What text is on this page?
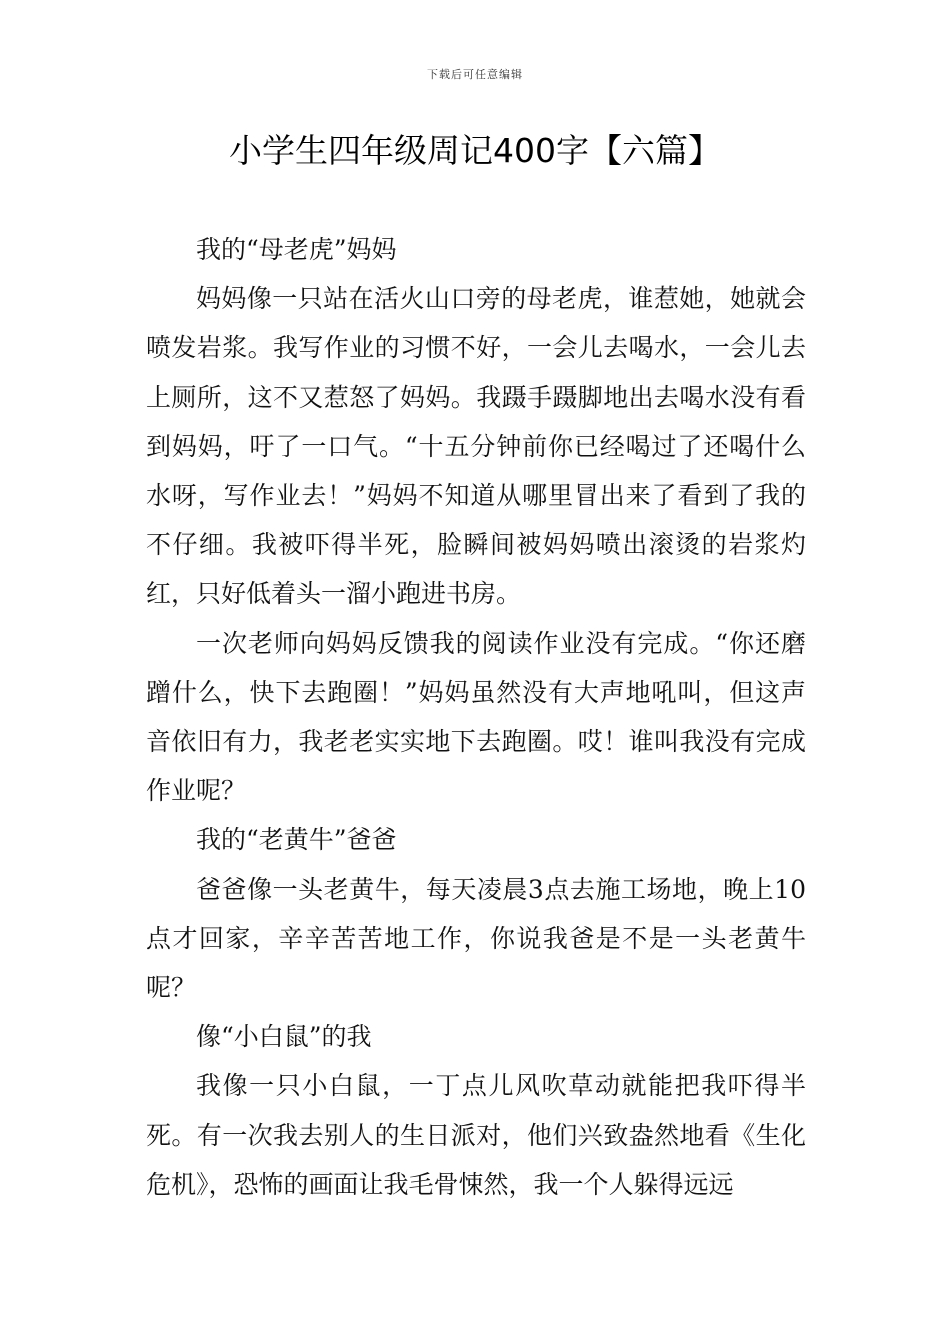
下载后可任意编辑
小学生四年级周记400字【六篇】

我的“母老虎”妈妈

妈妈像一只站在活火山口旁的母老虎，谁惹她，她就会喷发岩浆。我写作业的习惯不好，一会儿去喝水，一会儿去上厕所，这不又惹怒了妈妈。我蹑手蹑脚地出去喝水没有看到妈妈，吁了一口气。“十五分钟前你已经喝过了还喝什么水呀，写作业去！”妈妈不知道从哪里冒出来了看到了我的不仔细。我被吓得半死，脸瞬间被妈妈喷出滚烫的岩浆灼红，只好低着头一溜小跑进书房。

一次老师向妈妈反馈我的阅读作业没有完成。“你还磨蹭什么，快下去跑圈！”妈妈虽然没有大声地吼叫，但这声音依旧有力，我老老实实地下去跑圈。哎！谁叫我没有完成作业呢？

我的“老黄牛”爸爸

爸爸像一头老黄牛，每天凌晨3点去施工场地，晚上10点才回家，辛辛苦苦地工作，你说我爸是不是一头老黄牛呢？

像“小白鼠”的我

我像一只小白鼠，一丁点儿风吹草动就能把我吓得半死。有一次我去别人的生日派对，他们兴致盎然地看《生化危机》，恐怖的画面让我毛骨悚然，我一个人躲得远远
